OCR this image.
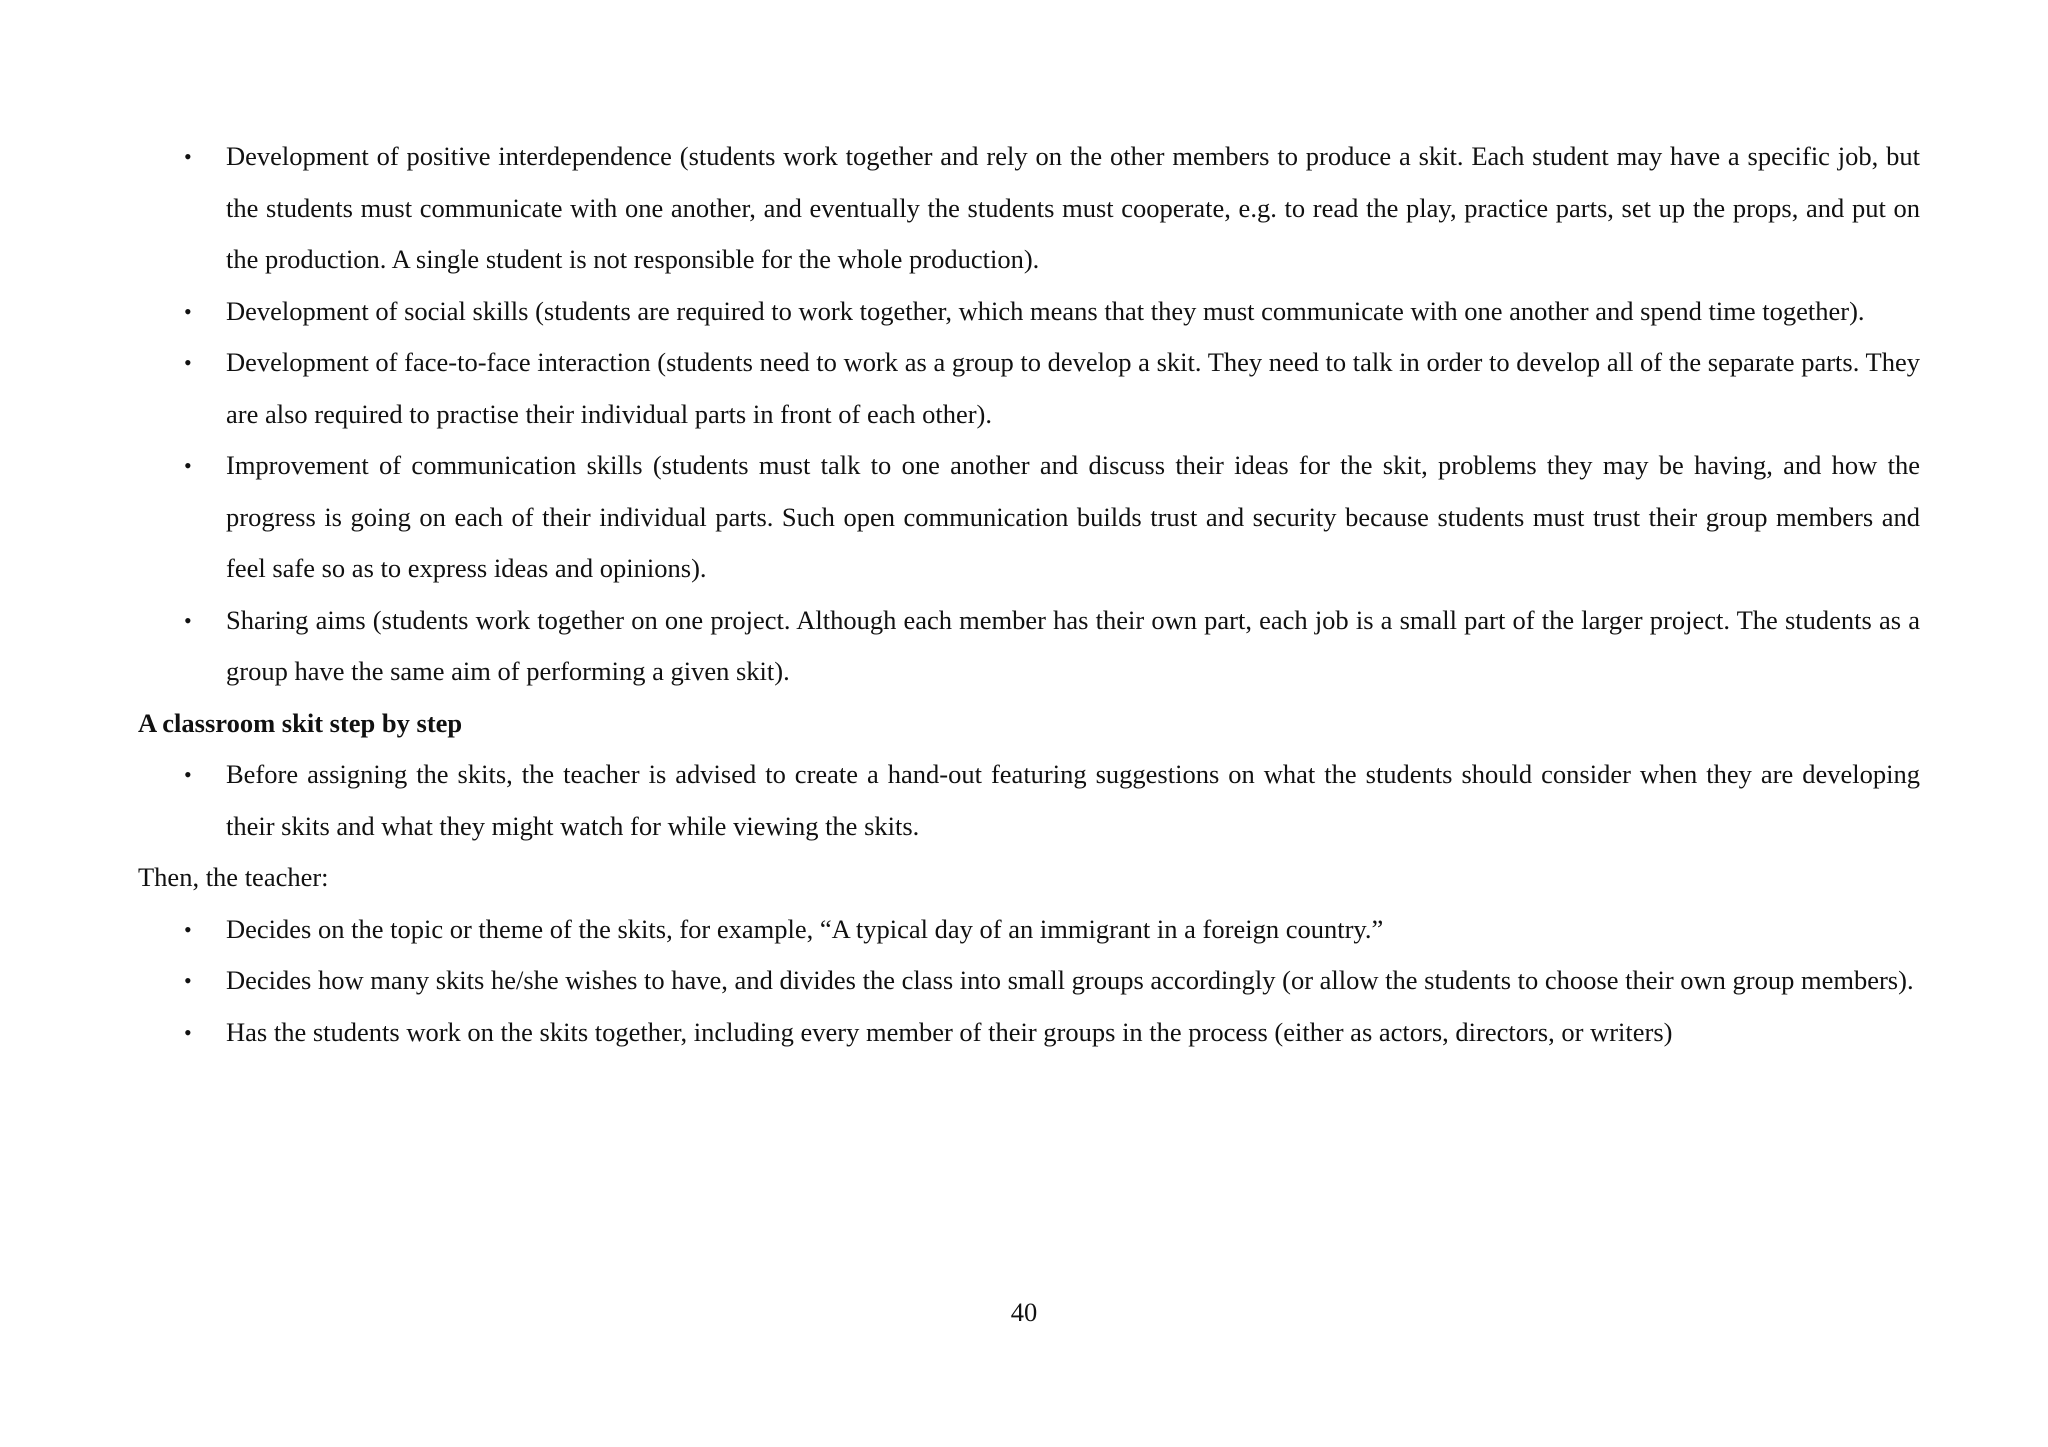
• Development of positive interdependence (students work together and rely on the other members to produce a skit. Each student may have a specific job, but the students must communicate with one another, and eventually the students must cooperate, e.g. to read the play, practice parts, set up the props, and put on the production. A single student is not responsible for the whole production).
• Development of social skills (students are required to work together, which means that they must communicate with one another and spend time together).
• Development of face-to-face interaction (students need to work as a group to develop a skit. They need to talk in order to develop all of the separate parts. They are also required to practise their individual parts in front of each other).
• Improvement of communication skills (students must talk to one another and discuss their ideas for the skit, problems they may be having, and how the progress is going on each of their individual parts. Such open communication builds trust and security because students must trust their group members and feel safe so as to express ideas and opinions).
• Sharing aims (students work together on one project. Although each member has their own part, each job is a small part of the larger project. The students as a group have the same aim of performing a given skit).

A classroom skit step by step

• Before assigning the skits, the teacher is advised to create a hand-out featuring suggestions on what the students should consider when they are developing their skits and what they might watch for while viewing the skits.

Then, the teacher:

• Decides on the topic or theme of the skits, for example, “A typical day of an immigrant in a foreign country.”
• Decides how many skits he/she wishes to have, and divides the class into small groups accordingly (or allow the students to choose their own group members).
• Has the students work on the skits together, including every member of their groups in the process (either as actors, directors, or writers)
40
